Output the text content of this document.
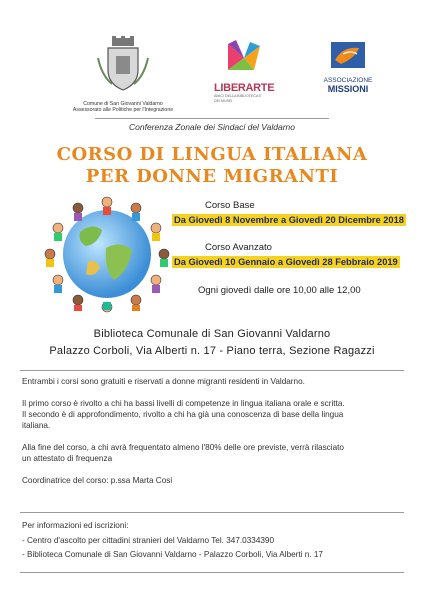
Comune di San Giovanni Valdarno
Assessorato alle Politiche per l'Integrazione
LIBERARTE
AMICI DELLA BIBLIOTECA E DEI MUSEI
ASSOCIAZIONE
MISSIONI
Conferenza Zonale dei Sindaci del Valdarno
CORSO DI LINGUA ITALIANA
PER DONNE MIGRANTI
Corso Base
Da Giovedì 8 Novembre a Giovedì 20 Dicembre 2018
Corso Avanzato
Da Giovedì 10 Gennaio a Giovedì 28 Febbraio 2019
Ogni giovedì dalle ore 10,00 alle 12,00
Biblioteca Comunale di San Giovanni Valdarno
Palazzo Corboli, Via Alberti n. 17 - Piano terra, Sezione Ragazzi
Entrambi i corsi sono gratuiti e riservati a donne migranti residenti in Valdarno.
Il primo corso è rivolto a chi ha bassi livelli di competenze in lingua italiana orale e scritta.
Il secondo è di approfondimento, rivolto a chi ha già una conoscenza di base della lingua
italiana.
Alla fine del corso, a chi avrà frequentato almeno l'80% delle ore previste, verrà rilasciato
un attestato di frequenza
Coordinatrice del corso: p.ssa Marta Cosi
Per informazioni ed iscrizioni:
- Centro d'ascolto per cittadini stranieri del Valdarno Tel. 347.0334390
- Biblioteca Comunale di San Giovanni Valdarno - Palazzo Corboli, Via Alberti n. 17
